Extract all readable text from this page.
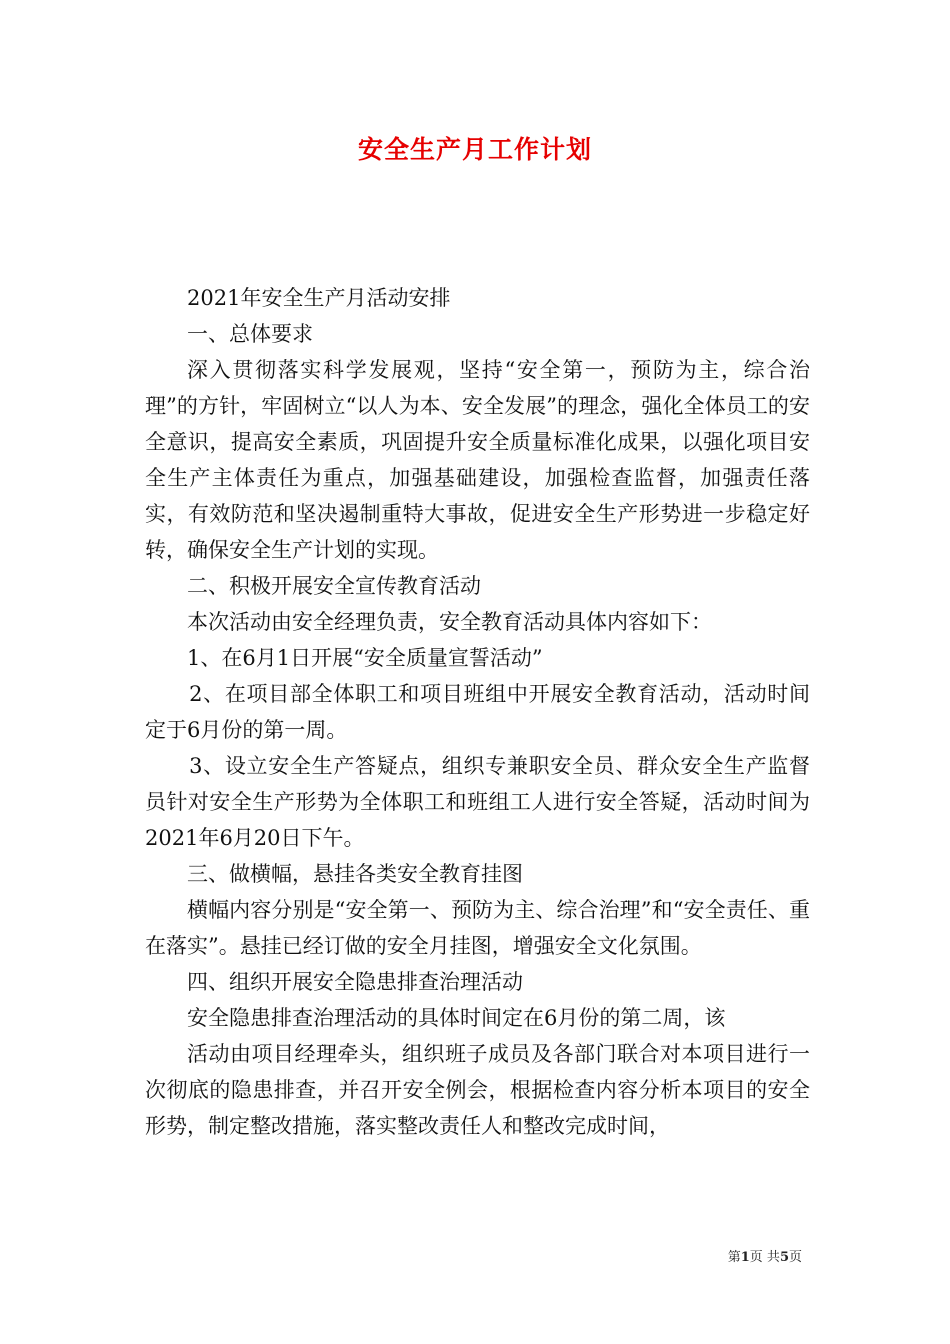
安全生产月工作计划

2021年安全生产月活动安排

一、总体要求

深入贯彻落实科学发展观，坚持“安全第一，预防为主，综合治理”的方针，牢固树立“以人为本、安全发展”的理念，强化全体员工的安全意识，提高安全素质，巩固提升安全质量标准化成果，以强化项目安全生产主体责任为重点，加强基础建设，加强检查监督，加强责任落实，有效防范和坚决遏制重特大事故，促进安全生产形势进一步稳定好转，确保安全生产计划的实现。

二、积极开展安全宣传教育活动

本次活动由安全经理负责，安全教育活动具体内容如下：

1、在6月1日开展“安全质量宣誓活动”

2、在项目部全体职工和项目班组中开展安全教育活动，活动时间定于6月份的第一周。

3、设立安全生产答疑点，组织专兼职安全员、群众安全生产监督员针对安全生产形势为全体职工和班组工人进行安全答疑，活动时间为2021年6月20日下午。

三、做横幅，悬挂各类安全教育挂图

横幅内容分别是“安全第一、预防为主、综合治理”和“安全责任、重在落实”。悬挂已经订做的安全月挂图，增强安全文化氛围。

四、组织开展安全隐患排查治理活动

安全隐患排查治理活动的具体时间定在6月份的第二周，该

活动由项目经理牵头，组织班子成员及各部门联合对本项目进行一次彻底的隐患排查，并召开安全例会，根据检查内容分析本项目的安全形势，制定整改措施，落实整改责任人和整改完成时间，

第1页 共5页
